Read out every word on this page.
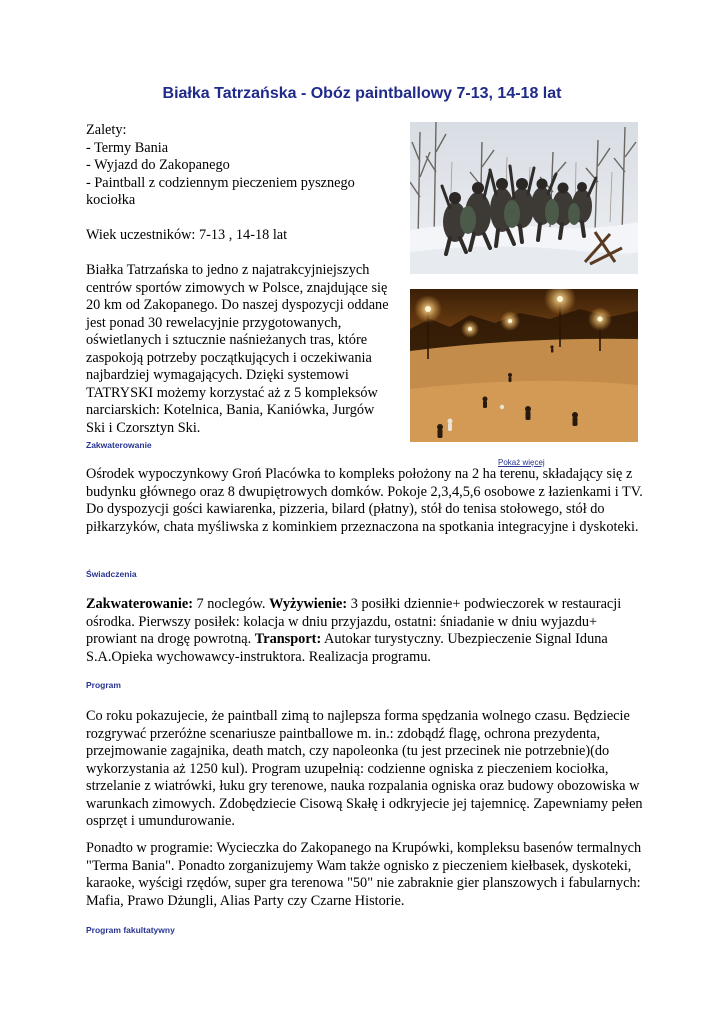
Białka Tatrzańska - Obóz paintballowy 7-13, 14-18 lat
Zalety:
- Termy Bania
- Wyjazd do Zakopanego
- Paintball z codziennym pieczeniem pysznego
kociołka
Wiek uczestników: 7-13 , 14-18 lat
Białka Tatrzańska to jedno z najatrakcyjniejszych centrów sportów zimowych w Polsce, znajdujące się 20 km od Zakopanego. Do naszej dyspozycji oddane jest ponad 30 rewelacyjnie przygotowanych, oświetlanych i sztucznie naśnieżanych tras, które zaspokoją potrzeby początkujących i oczekiwania najbardziej wymagających. Dzięki systemowi TATRYSKI możemy korzystać aż z 5 kompleksów narciarskich: Kotelnica, Bania, Kaniówka, Jurgów Ski i Czorsztyn Ski.
Pokaż więcej
Zakwaterowanie
Ośrodek wypoczynkowy Groń Placówka to kompleks położony na 2 ha terenu, składający się z budynku głównego oraz 8 dwupiętrowych domków. Pokoje 2,3,4,5,6 osobowe z łazienkami i TV. Do dyspozycji gości kawiarenka, pizzeria, bilard (płatny), stół do tenisa stołowego, stół do piłkarzyków, chata myśliwska z kominkiem przeznaczona na spotkania integracyjne i dyskoteki.
Świadczenia
Zakwaterowanie: 7 noclegów. Wyżywienie: 3 posiłki dziennie+ podwieczorek w restauracji ośrodka. Pierwszy posiłek: kolacja w dniu przyjazdu, ostatni: śniadanie w dniu wyjazdu+ prowiant na drogę powrotną. Transport: Autokar turystyczny. Ubezpieczenie Signal Iduna S.A.Opieka wychowawcy-instruktora. Realizacja programu.
Program
Co roku pokazujecie, że paintball zimą to najlepsza forma spędzania wolnego czasu. Będziecie rozgrywać przeróżne scenariusze paintballowe m. in.: zdobądź flagę, ochrona prezydenta, przejmowanie zagajnika, death match, czy napoleonka (tu jest przecinek nie potrzebnie)(do wykorzystania aż 1250 kul). Program uzupełnią: codzienne ogniska z pieczeniem kociołka, strzelanie z wiatrówki, łuku gry terenowe, nauka rozpalania ogniska oraz budowy obozowiska w warunkach zimowych. Zdobędziecie Cisową Skałę i odkryjecie jej tajemnicę. Zapewniamy pełen osprzęt i umundurowanie.
Ponadto w programie: Wycieczka do Zakopanego na Krupówki, kompleksu basenów termalnych "Terma Bania". Ponadto zorganizujemy Wam także ognisko z pieczeniem kiełbasek, dyskoteki, karaoke, wyścigi rzędów, super gra terenowa "50" nie zabraknie gier planszowych i fabularnych: Mafia, Prawo Dżungli, Alias Party czy Czarne Historie.
Program fakultatywny
